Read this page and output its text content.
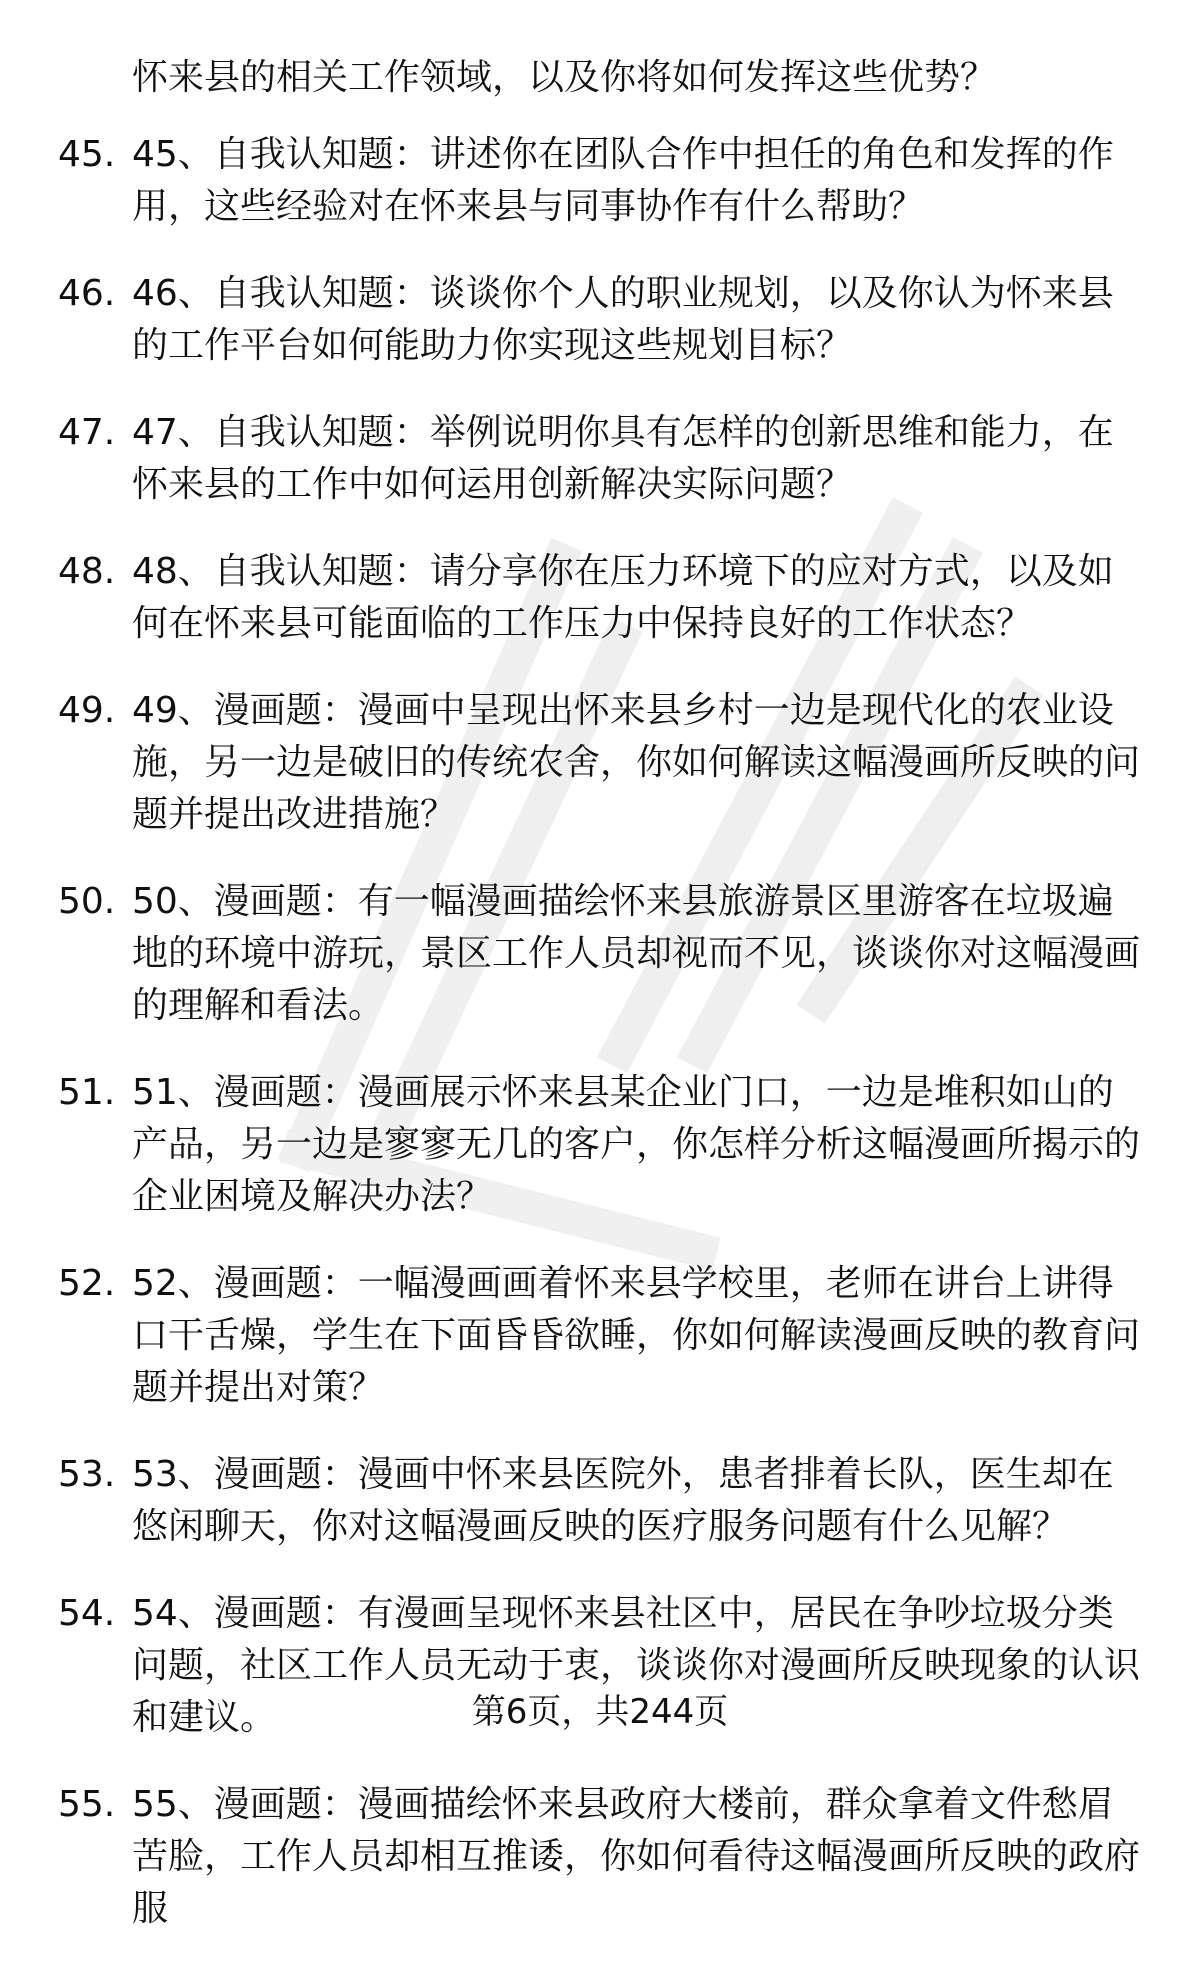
怀来县的相关工作领域，以及你将如何发挥这些优势？
45. 45、自我认知题：讲述你在团队合作中担任的角色和发挥的作用，这些经验对在怀来县与同事协作有什么帮助？
46. 46、自我认知题：谈谈你个人的职业规划，以及你认为怀来县的工作平台如何能助力你实现这些规划目标？
47. 47、自我认知题：举例说明你具有怎样的创新思维和能力，在怀来县的工作中如何运用创新解决实际问题？
48. 48、自我认知题：请分享你在压力环境下的应对方式，以及如何在怀来县可能面临的工作压力中保持良好的工作状态？
49. 49、漫画题：漫画中呈现出怀来县乡村一边是现代化的农业设施，另一边是破旧的传统农舍，你如何解读这幅漫画所反映的问题并提出改进措施？
50. 50、漫画题：有一幅漫画描绘怀来县旅游景区里游客在垃圾遍地的环境中游玩，景区工作人员却视而不见，谈谈你对这幅漫画的理解和看法。
51. 51、漫画题：漫画展示怀来县某企业门口，一边是堆积如山的产品，另一边是寥寥无几的客户，你怎样分析这幅漫画所揭示的企业困境及解决办法？
52. 52、漫画题：一幅漫画画着怀来县学校里，老师在讲台上讲得口干舌燥，学生在下面昏昏欲睡，你如何解读漫画反映的教育问题并提出对策？
53. 53、漫画题：漫画中怀来县医院外，患者排着长队，医生却在悠闲聊天，你对这幅漫画反映的医疗服务问题有什么见解？
54. 54、漫画题：有漫画呈现怀来县社区中，居民在争吵垃圾分类问题，社区工作人员无动于衷，谈谈你对漫画所反映现象的认识和建议。
55. 55、漫画题：漫画描绘怀来县政府大楼前，群众拿着文件愁眉苦脸，工作人员却相互推诿，你如何看待这幅漫画所反映的政府服
第6页，共244页
